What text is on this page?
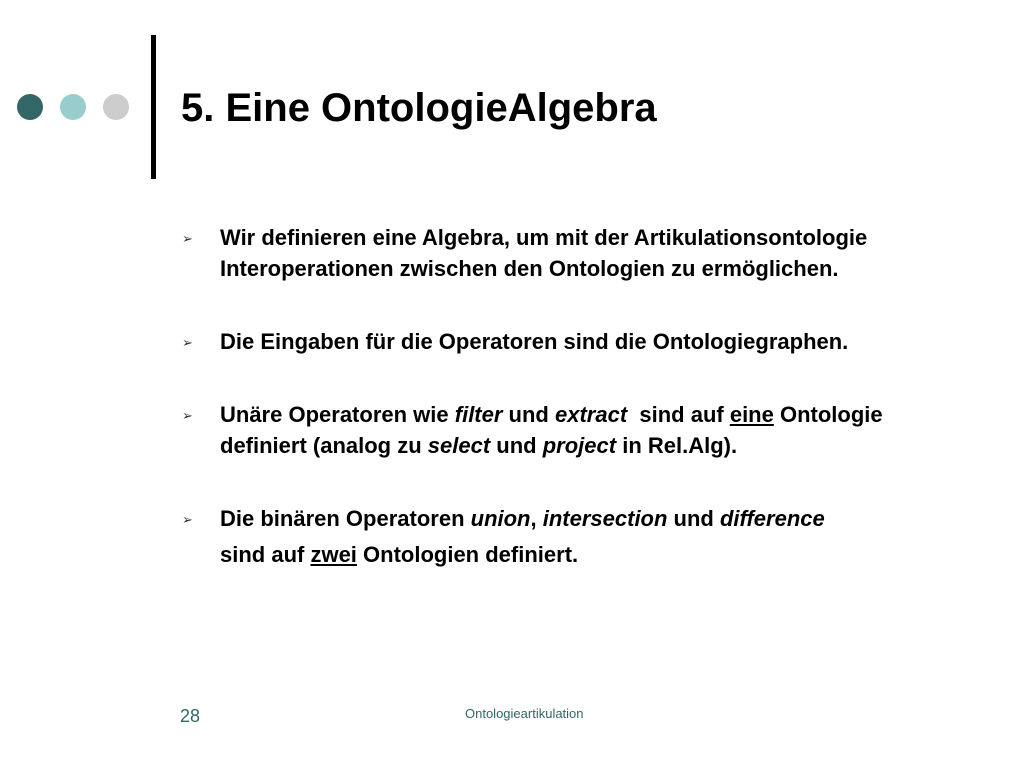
5. Eine OntologieAlgebra
➢ Wir definieren eine Algebra, um mit der Artikulationsontologie Interoperationen zwischen den Ontologien zu ermöglichen.
➢ Die Eingaben für die Operatoren sind die Ontologiegraphen.
➢ Unäre Operatoren wie filter und extract  sind auf eine Ontologie definiert (analog zu select und project in Rel.Alg).
➢ Die binären Operatoren union, intersection und difference
sind auf zwei Ontologien definiert.
28	Ontologieartikulation
